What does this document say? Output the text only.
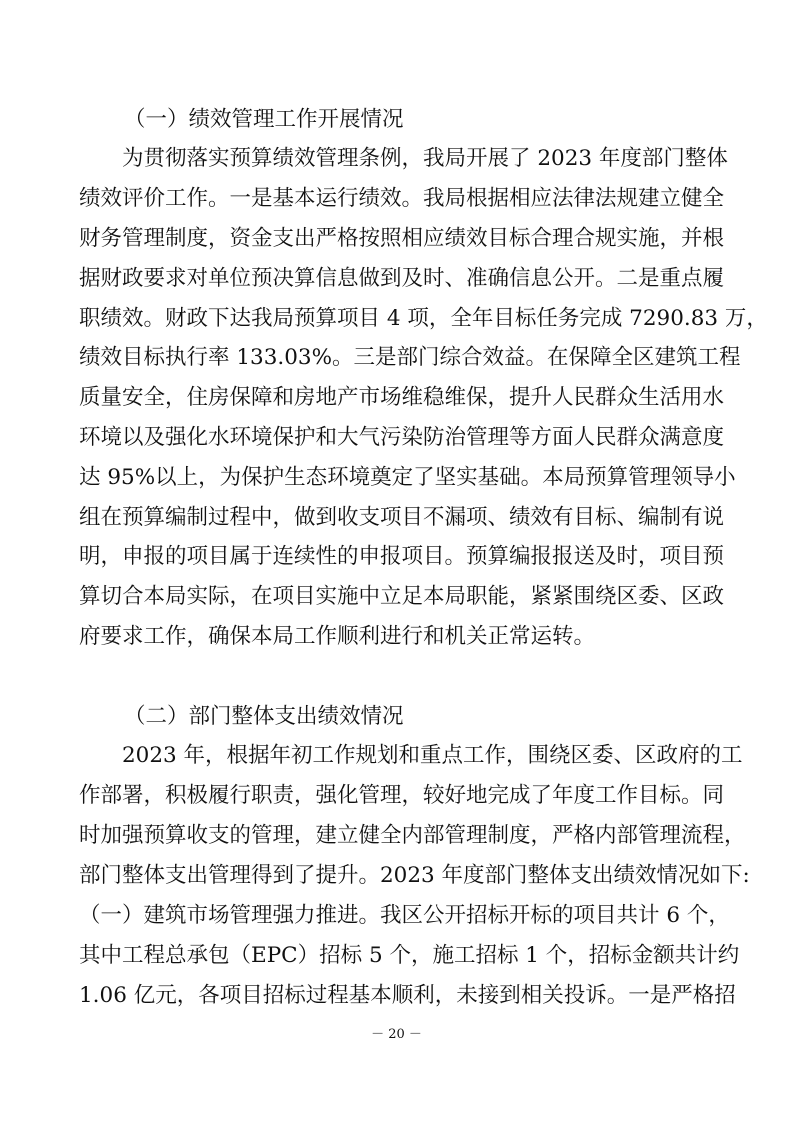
（一）绩效管理工作开展情况
为贯彻落实预算绩效管理条例，我局开展了 2023 年度部门整体
绩效评价工作。一是基本运行绩效。我局根据相应法律法规建立健全
财务管理制度，资金支出严格按照相应绩效目标合理合规实施，并根
据财政要求对单位预决算信息做到及时、准确信息公开。二是重点履
职绩效。财政下达我局预算项目 4 项，全年目标任务完成 7290.83 万，
绩效目标执行率 133.03%。三是部门综合效益。在保障全区建筑工程
质量安全，住房保障和房地产市场维稳维保，提升人民群众生活用水
环境以及强化水环境保护和大气污染防治管理等方面人民群众满意度
达 95%以上，为保护生态环境奠定了坚实基础。本局预算管理领导小
组在预算编制过程中，做到收支项目不漏项、绩效有目标、编制有说
明，申报的项目属于连续性的申报项目。预算编报报送及时，项目预
算切合本局实际，在项目实施中立足本局职能，紧紧围绕区委、区政
府要求工作，确保本局工作顺利进行和机关正常运转。
（二）部门整体支出绩效情况
2023 年，根据年初工作规划和重点工作，围绕区委、区政府的工
作部署，积极履行职责，强化管理，较好地完成了年度工作目标。同
时加强预算收支的管理，建立健全内部管理制度，严格内部管理流程，
部门整体支出管理得到了提升。2023 年度部门整体支出绩效情况如下:
（一）建筑市场管理强力推进。我区公开招标开标的项目共计 6 个，
其中工程总承包（EPC）招标 5 个，施工招标 1 个，招标金额共计约
1.06 亿元，各项目招标过程基本顺利，未接到相关投诉。一是严格招
－ 20 －
